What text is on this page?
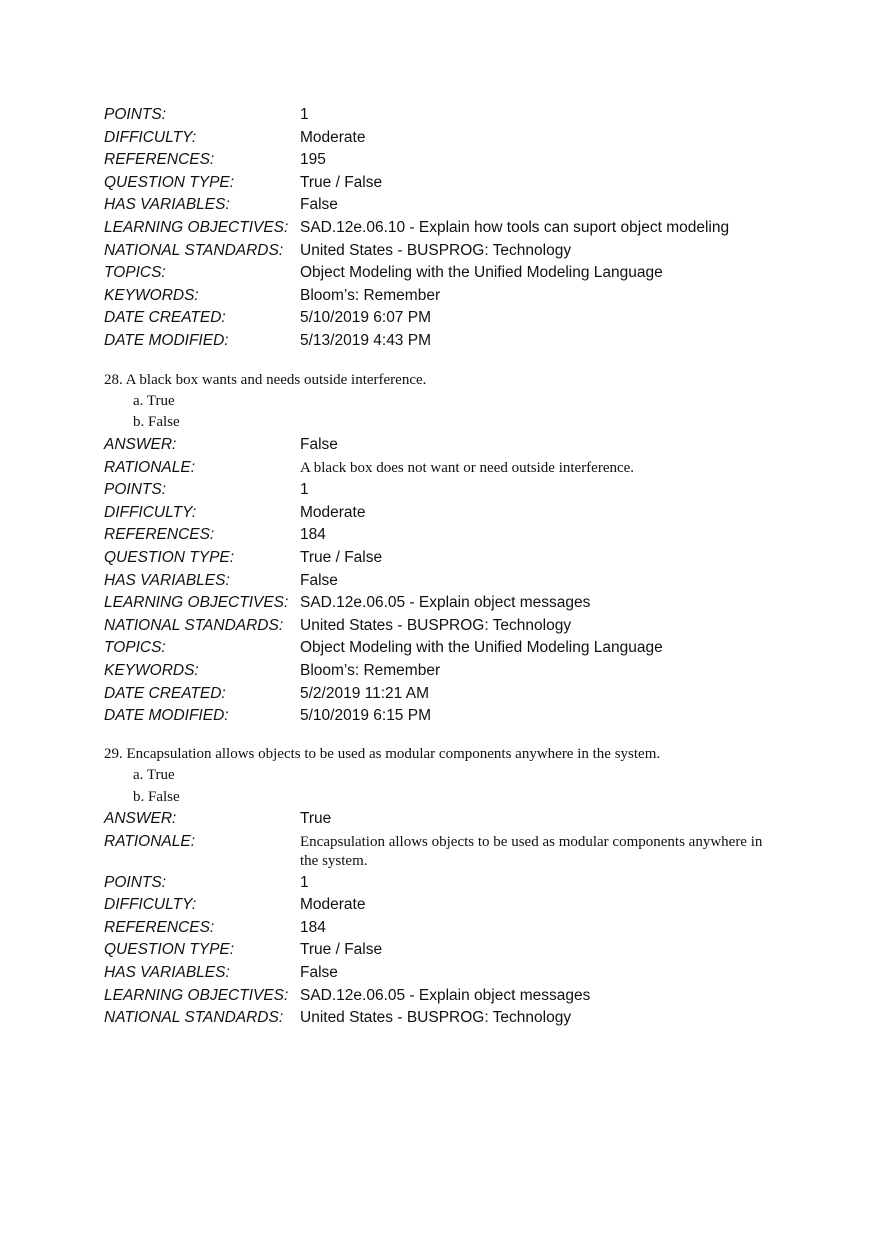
POINTS:	1
DIFFICULTY:	Moderate
REFERENCES:	195
QUESTION TYPE:	True / False
HAS VARIABLES:	False
LEARNING OBJECTIVES: SAD.12e.06.10 - Explain how tools can suport object modeling
NATIONAL STANDARDS:	United States - BUSPROG: Technology
TOPICS:	Object Modeling with the Unified Modeling Language
KEYWORDS:	Bloom’s: Remember
DATE CREATED:	5/10/2019 6:07 PM
DATE MODIFIED:	5/13/2019 4:43 PM
28. A black box wants and needs outside interference.
a. True
b. False
ANSWER:	False
RATIONALE:	A black box does not want or need outside interference.
POINTS:	1
DIFFICULTY:	Moderate
REFERENCES:	184
QUESTION TYPE:	True / False
HAS VARIABLES:	False
LEARNING OBJECTIVES: SAD.12e.06.05 - Explain object messages
NATIONAL STANDARDS:	United States - BUSPROG: Technology
TOPICS:	Object Modeling with the Unified Modeling Language
KEYWORDS:	Bloom’s: Remember
DATE CREATED:	5/2/2019 11:21 AM
DATE MODIFIED:	5/10/2019 6:15 PM
29. Encapsulation allows objects to be used as modular components anywhere in the system.
a. True
b. False
ANSWER:	True
RATIONALE:	Encapsulation allows objects to be used as modular components anywhere in the system.
POINTS:	1
DIFFICULTY:	Moderate
REFERENCES:	184
QUESTION TYPE:	True / False
HAS VARIABLES:	False
LEARNING OBJECTIVES: SAD.12e.06.05 - Explain object messages
NATIONAL STANDARDS:	United States - BUSPROG: Technology
